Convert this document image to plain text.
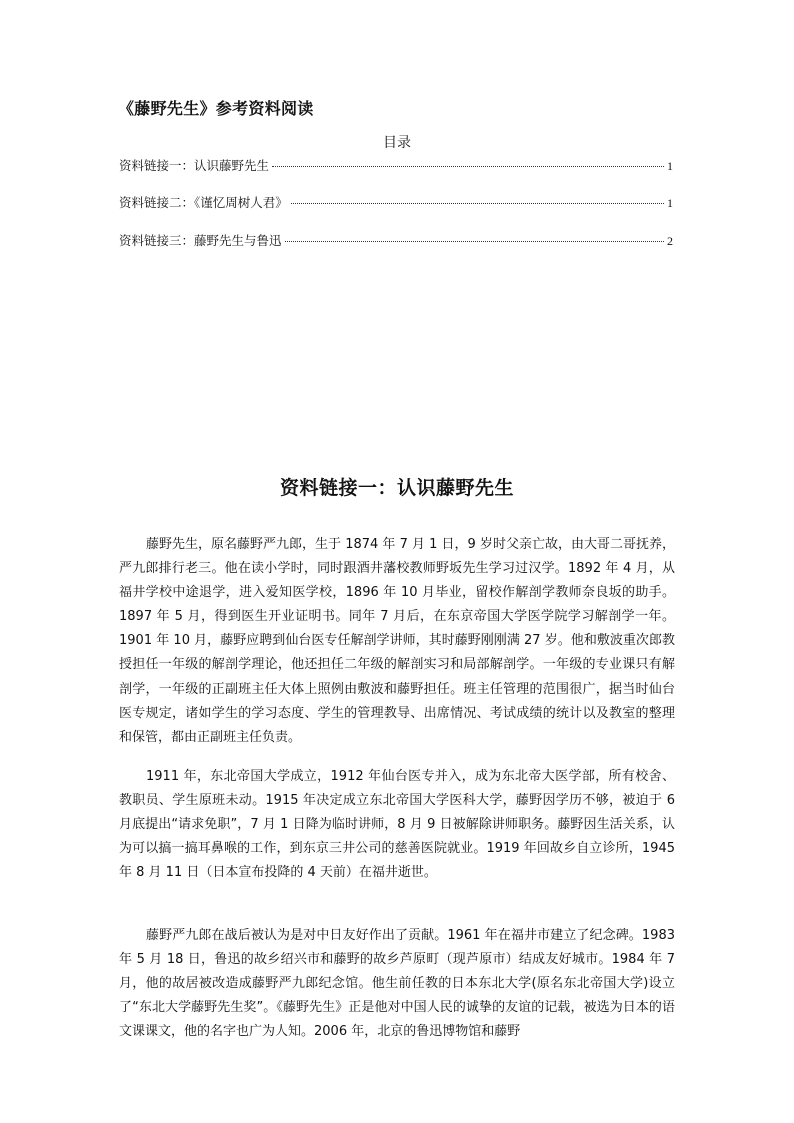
《藤野先生》参考资料阅读
目录
资料链接一：认识藤野先生	1
资料链接二：《谨忆周树人君》	1
资料链接三：藤野先生与鲁迅	2
资料链接一：认识藤野先生

藤野先生，原名藤野严九郎，生于 1874 年 7 月 1 日，9 岁时父亲亡故，由大哥二哥抚养，严九郎排行老三。他在读小学时，同时跟酒井藩校教师野坂先生学习过汉学。1892 年 4 月，从福井学校中途退学，进入爱知医学校，1896 年 10 月毕业，留校作解剖学教师奈良坂的助手。1897 年 5 月，得到医生开业证明书。同年 7 月后，在东京帝国大学医学院学习解剖学一年。1901 年 10 月，藤野应聘到仙台医专任解剖学讲师，其时藤野刚刚满 27 岁。他和敷波重次郎教授担任一年级的解剖学理论，他还担任二年级的解剖实习和局部解剖学。一年级的专业课只有解剖学，一年级的正副班主任大体上照例由敷波和藤野担任。班主任管理的范围很广，据当时仙台医专规定，诸如学生的学习态度、学生的管理教导、出席情况、考试成绩的统计以及教室的整理和保管，都由正副班主任负责。

1911 年，东北帝国大学成立，1912 年仙台医专并入，成为东北帝大医学部，所有校舍、教职员、学生原班未动。1915 年决定成立东北帝国大学医科大学，藤野因学历不够，被迫于 6 月底提出“请求免职”，7 月 1 日降为临时讲师，8 月 9 日被解除讲师职务。藤野因生活关系，认为可以搞一搞耳鼻喉的工作，到东京三井公司的慈善医院就业。1919 年回故乡自立诊所，1945 年 8 月 11 日（日本宣布投降的 4 天前）在福井逝世。

藤野严九郎在战后被认为是对中日友好作出了贡献。1961 年在福井市建立了纪念碑。1983 年 5 月 18 日，鲁迅的故乡绍兴市和藤野的故乡芦原町（现芦原市）结成友好城市。1984 年 7 月，他的故居被改造成藤野严九郎纪念馆。他生前任教的日本东北大学(原名东北帝国大学)设立了“东北大学藤野先生奖”。《藤野先生》正是他对中国人民的诚挚的友谊的记载，被选为日本的语文课课文，他的名字也广为人知。2006 年，北京的鲁迅博物馆和藤野
